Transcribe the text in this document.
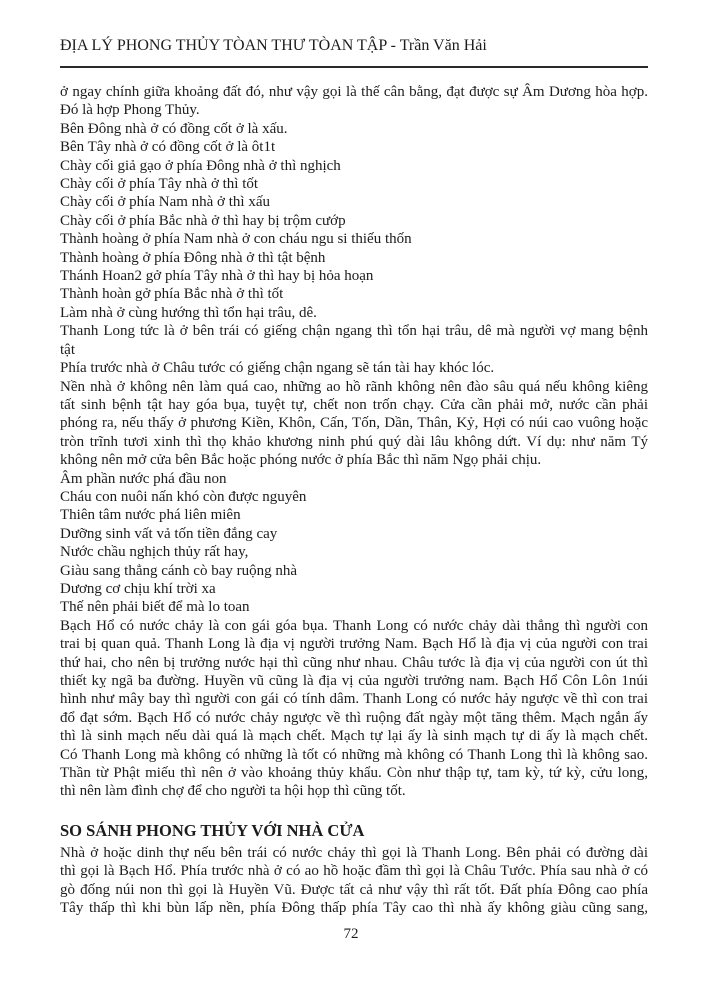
ĐỊA LÝ PHONG THỦY TÒAN THƯ TÒAN TẬP - Trần Văn Hải
ở ngay chính giữa khoảng đất đó, như vậy gọi là thế cân bằng, đạt được sự Âm Dương hòa hợp.
Đó là hợp Phong Thủy.
Bên Đông nhà ở có đồng cốt ở là xấu.
Bên Tây nhà ở có đồng cốt ở là ôt1t
Chày cối giả gạo ở phía Đông nhà ở thì nghịch
Chày cối ở phía Tây nhà ở thì tốt
Chày cối ở phía Nam nhà ở thì xấu
Chày cối ở phía Bắc nhà ở thì hay bị trộm cướp
Thành hoàng ở phía Nam nhà ở con cháu ngu si thiếu thốn
Thành hoàng ở phía Đông nhà ở thì tật bệnh
Thánh Hoan2 gở phía Tây nhà ở thì hay bị hỏa hoạn
Thành hoàn gở phía Bắc nhà ở thì tốt
Làm nhà ở cùng hướng thì tổn hại trâu, dê.
Thanh Long tức là ở bên trái có giếng chận ngang thì tổn hại trâu, dê mà người vợ mang bệnh
tật
Phía trước nhà ở Châu tước có giếng chận ngang sẽ tán tài hay khóc lóc.
Nền nhà ở không nên làm quá cao, những ao hồ rãnh không nên đào sâu quá nếu không kiêng
tất sinh bệnh tật hay góa bụa, tuyệt tự, chết non trốn chạy. Cửa cần phải mở, nước cần phải
phóng ra, nếu thấy ở phương Kiền, Khôn, Cấn, Tốn, Dần, Thân, Kỷ, Hợi có núi cao vuông hoặc
tròn trĩnh tươi xinh thì thọ khảo khương ninh phú quý dài lâu không dứt. Ví dụ: như năm Tý
không nên mở cửa bên Bắc hoặc phóng nước ở phía Bắc thì năm Ngọ phải chịu.
Âm phần nước phá đầu non
Cháu con nuôi nấn khó còn được nguyên
Thiên tâm nước phá liên miên
Dưỡng sinh vất vả tốn tiền đắng cay
Nước chầu nghịch thủy rất hay,
Giàu sang thẳng cánh cò bay ruộng nhà
Dương cơ chịu khí trời xa
Thế nên phải biết để mà lo toan
Bạch Hổ có nước chảy là con gái góa bụa. Thanh Long có nước chảy dài thẳng thì người con
trai bị quan quả. Thanh Long là địa vị người trưởng Nam. Bạch Hổ là địa vị của người con trai
thứ hai, cho nên bị trưởng nước hại thì cũng như nhau. Châu tước là địa vị của người con út thì
thiết kỵ ngã ba đường. Huyền vũ cũng là địa vị của người trưởng nam. Bạch Hổ Côn Lôn 1núi
hình như mây bay thì người con gái có tính dâm. Thanh Long có nước hảy ngược về thì con trai
đổ đạt sớm. Bạch Hổ có nước chảy ngược về thì ruộng đất ngày một tăng thêm. Mạch ngắn ấy
thì là sinh mạch nếu dài quá là mạch chết. Mạch tự lại ấy là sinh mạch tự di ấy là mạch chết.
Có Thanh Long mà không có những là tốt có những mà không có Thanh Long thì là không sao.
Thần từ Phật miếu thì nên ở vào khoảng thủy khẩu. Còn như thập tự, tam kỳ, tứ kỳ, cửu long,
thì nên làm đình chợ để cho người ta hội họp thì cũng tốt.
SO SÁNH PHONG THỦY VỚI NHÀ CỬA
Nhà ở hoặc dinh thự nếu bên trái có nước chảy thì gọi là Thanh Long. Bên phải có đường dài
thì gọi là Bạch Hổ. Phía trước nhà ở có ao hồ hoặc đầm thì gọi là Châu Tước. Phía sau nhà ở có
gò đống núi non thì gọi là Huyền Vũ. Được tất cả như vậy thì rất tốt. Đất phía Đông cao phía
Tây thấp thì khi bùn lấp nền, phía Đông thấp phía Tây cao thì nhà ấy không giàu cũng sang,
72
